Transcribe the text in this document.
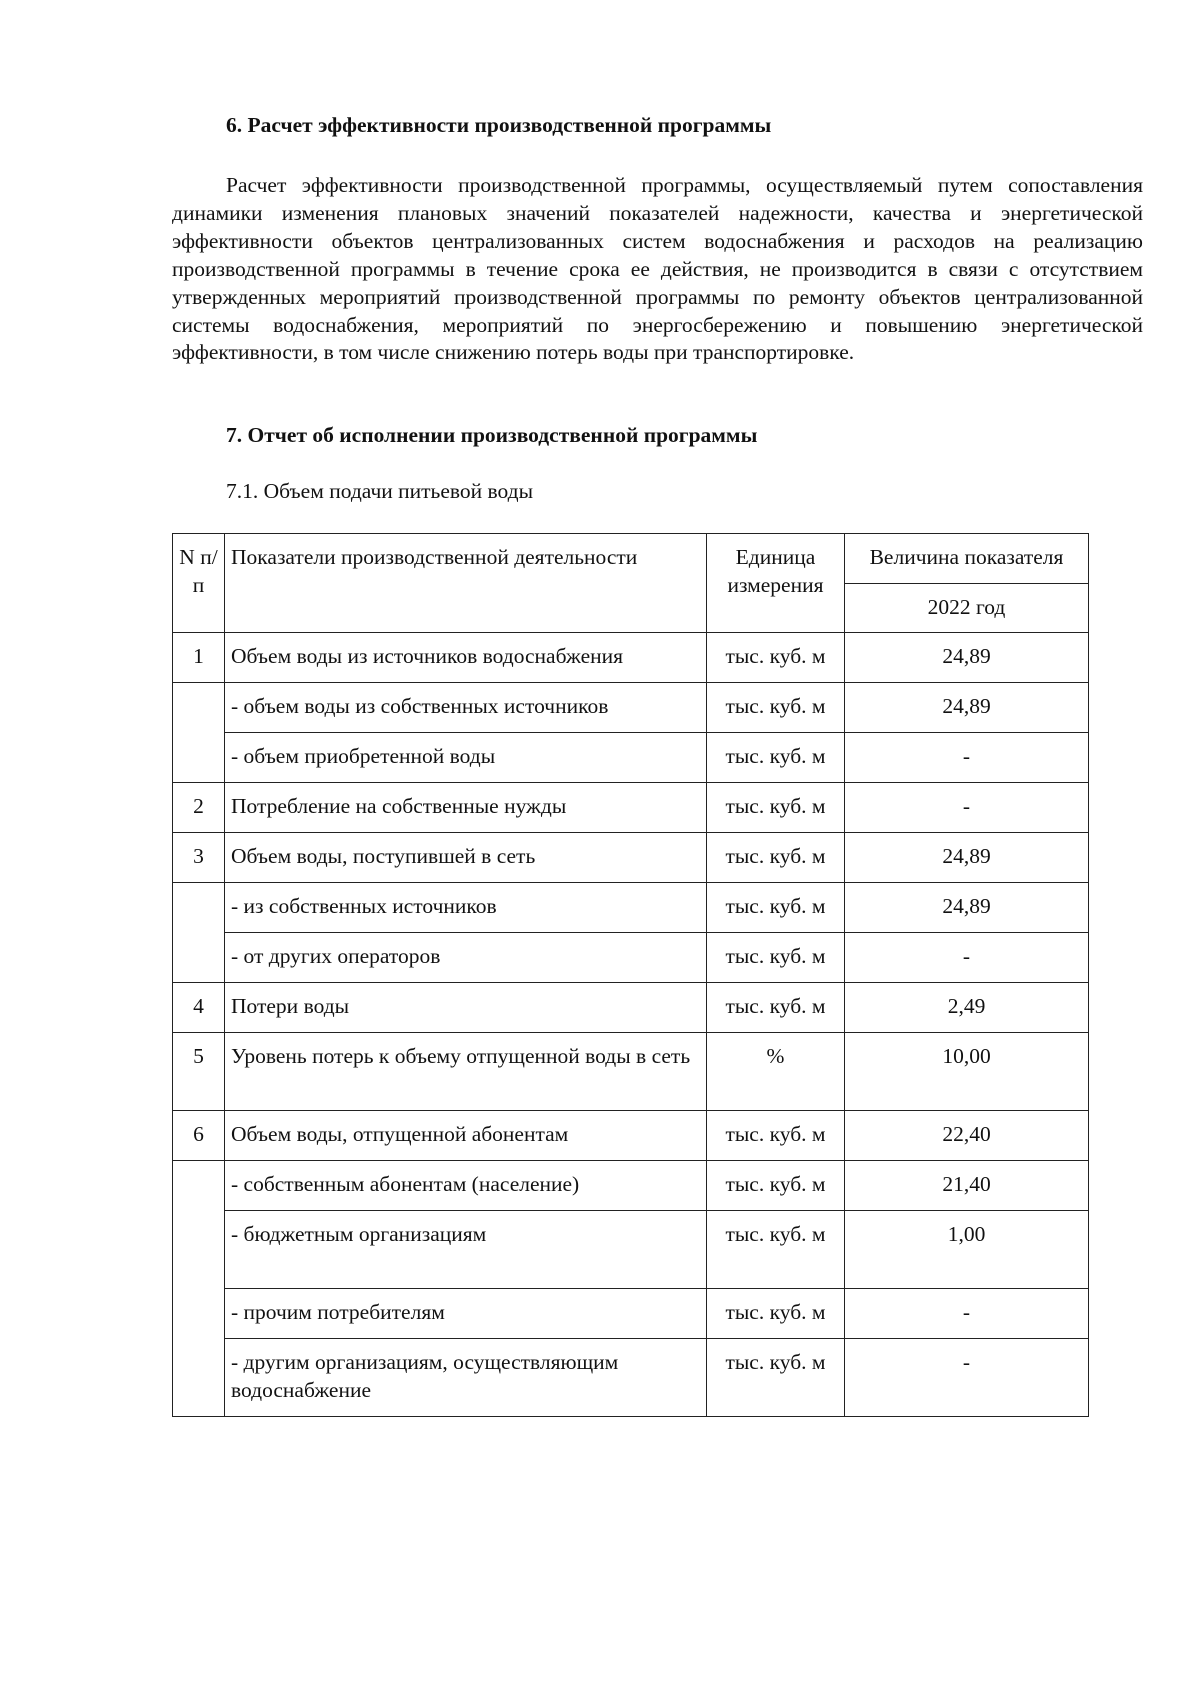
6. Расчет эффективности производственной программы

Расчет эффективности производственной программы, осуществляемый путем сопоставления динамики изменения плановых значений показателей надежности, качества и энергетической эффективности объектов централизованных систем водоснабжения и расходов на реализацию производственной программы в течение срока ее действия, не производится в связи с отсутствием утвержденных мероприятий производственной программы по ремонту объектов централизованной системы водоснабжения, мероприятий по энергосбережению и повышению энергетической эффективности, в том числе снижению потерь воды при транспортировке.

7. Отчет об исполнении производственной программы

7.1. Объем подачи питьевой воды

N п/п	Показатели производственной деятельности	Единица измерения	Величина показателя
			2022 год
1	Объем воды из источников водоснабжения	тыс. куб. м	24,89
	- объем воды из собственных источников	тыс. куб. м	24,89
	- объем приобретенной воды	тыс. куб. м	-
2	Потребление на собственные нужды	тыс. куб. м	-
3	Объем воды, поступившей в сеть	тыс. куб. м	24,89
	- из собственных источников	тыс. куб. м	24,89
	- от других операторов	тыс. куб. м	-
4	Потери воды	тыс. куб. м	2,49
5	Уровень потерь к объему отпущенной воды в сеть	%	10,00
6	Объем воды, отпущенной абонентам	тыс. куб. м	22,40
	- собственным абонентам (население)	тыс. куб. м	21,40
	- бюджетным организациям	тыс. куб. м	1,00
	- прочим потребителям	тыс. куб. м	-
	- другим организациям, осуществляющим водоснабжение	тыс. куб. м	-
